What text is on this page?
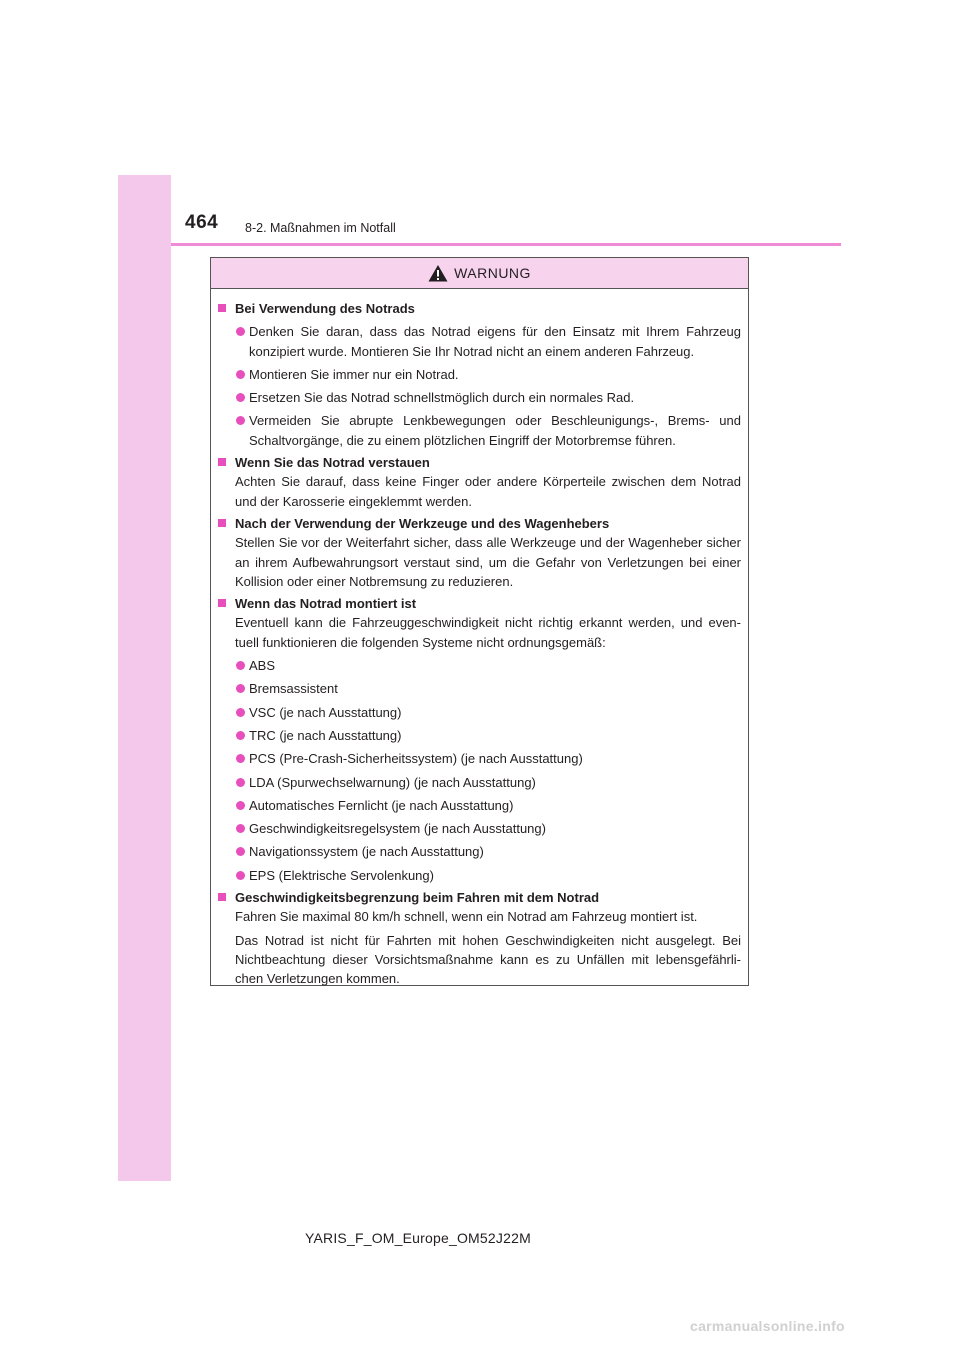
464 8-2. Maßnahmen im Notfall
WARNUNG
Bei Verwendung des Notrads
Denken Sie daran, dass das Notrad eigens für den Einsatz mit Ihrem Fahrzeug konzipiert wurde. Montieren Sie Ihr Notrad nicht an einem anderen Fahrzeug.
Montieren Sie immer nur ein Notrad.
Ersetzen Sie das Notrad schnellstmöglich durch ein normales Rad.
Vermeiden Sie abrupte Lenkbewegungen oder Beschleunigungs-, Brems- und Schaltvorgänge, die zu einem plötzlichen Eingriff der Motorbremse führen.
Wenn Sie das Notrad verstauen
Achten Sie darauf, dass keine Finger oder andere Körperteile zwischen dem Notrad und der Karosserie eingeklemmt werden.
Nach der Verwendung der Werkzeuge und des Wagenhebers
Stellen Sie vor der Weiterfahrt sicher, dass alle Werkzeuge und der Wagenheber sicher an ihrem Aufbewahrungsort verstaut sind, um die Gefahr von Verletzungen bei einer Kollision oder einer Notbremsung zu reduzieren.
Wenn das Notrad montiert ist
Eventuell kann die Fahrzeuggeschwindigkeit nicht richtig erkannt werden, und even-tuell funktionieren die folgenden Systeme nicht ordnungsgemäß:
ABS
Bremsassistent
VSC (je nach Ausstattung)
TRC (je nach Ausstattung)
PCS (Pre-Crash-Sicherheitssystem) (je nach Ausstattung)
LDA (Spurwechselwarnung) (je nach Ausstattung)
Automatisches Fernlicht (je nach Ausstattung)
Geschwindigkeitsregelsystem (je nach Ausstattung)
Navigationssystem (je nach Ausstattung)
EPS (Elektrische Servolenkung)
Geschwindigkeitsbegrenzung beim Fahren mit dem Notrad
Fahren Sie maximal 80 km/h schnell, wenn ein Notrad am Fahrzeug montiert ist.
Das Notrad ist nicht für Fahrten mit hohen Geschwindigkeiten nicht ausgelegt. Bei Nichtbeachtung dieser Vorsichtsmaßnahme kann es zu Unfällen mit lebensgefährli-chen Verletzungen kommen.
YARIS_F_OM_Europe_OM52J22M
carmanualsonline.info
